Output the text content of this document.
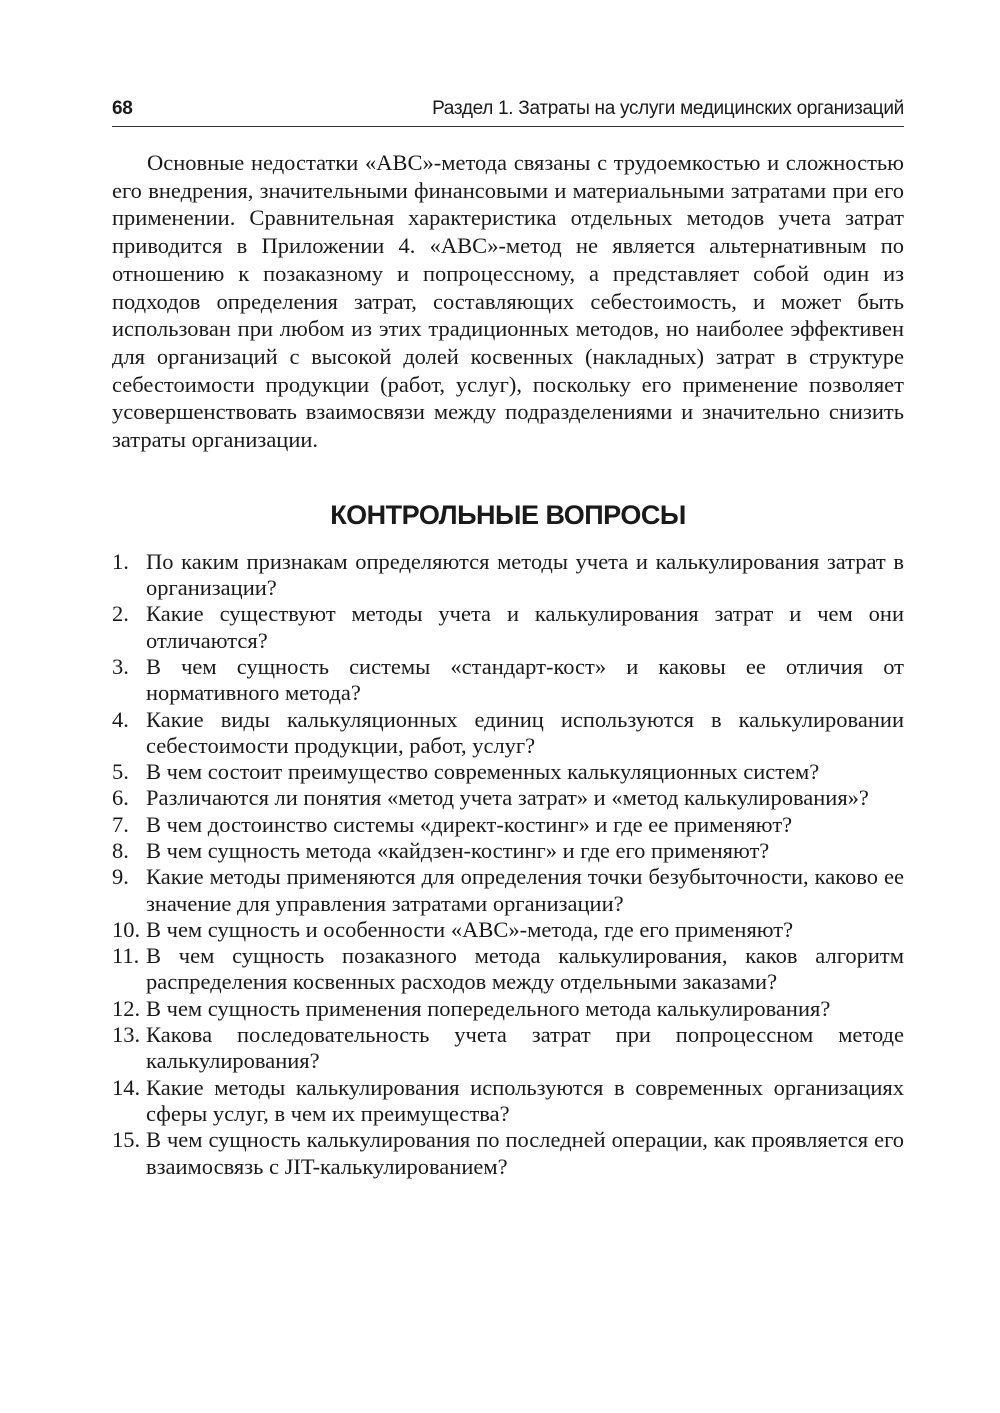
68	Раздел 1. Затраты на услуги медицинских организаций

Основные недостатки «ABC»-метода связаны с трудоемкостью и сложностью его внедрения, значительными финансовыми и материальными затратами при его применении. Сравнительная характеристика отдельных методов учета затрат приводится в Приложении 4. «ABC»-метод не является альтернативным по отношению к позаказному и попроцессному, а представляет собой один из подходов определения затрат, составляющих себестоимость, и может быть использован при любом из этих традиционных методов, но наиболее эффективен для организаций с высокой долей косвенных (накладных) затрат в структуре себестоимости продукции (работ, услуг), поскольку его применение позволяет усовершенствовать взаимосвязи между подразделениями и значительно снизить затраты организации.

КОНТРОЛЬНЫЕ ВОПРОСЫ
1. По каким признакам определяются методы учета и калькулирования затрат в организации?
2. Какие существуют методы учета и калькулирования затрат и чем они отличаются?
3. В чем сущность системы «стандарт-кост» и каковы ее отличия от нормативного метода?
4. Какие виды калькуляционных единиц используются в калькулировании себестоимости продукции, работ, услуг?
5. В чем состоит преимущество современных калькуляционных систем?
6. Различаются ли понятия «метод учета затрат» и «метод калькулирования»?
7. В чем достоинство системы «директ-костинг» и где ее применяют?
8. В чем сущность метода «кайдзен-костинг» и где его применяют?
9. Какие методы применяются для определения точки безубыточности, каково ее значение для управления затратами организации?
10. В чем сущность и особенности «ABC»-метода, где его применяют?
11. В чем сущность позаказного метода калькулирования, каков алгоритм распределения косвенных расходов между отдельными заказами?
12. В чем сущность применения попередельного метода калькулирования?
13. Какова последовательность учета затрат при попроцессном методе калькулирования?
14. Какие методы калькулирования используются в современных организациях сферы услуг, в чем их преимущества?
15. В чем сущность калькулирования по последней операции, как проявляется его взаимосвязь с JIT-калькулированием?
